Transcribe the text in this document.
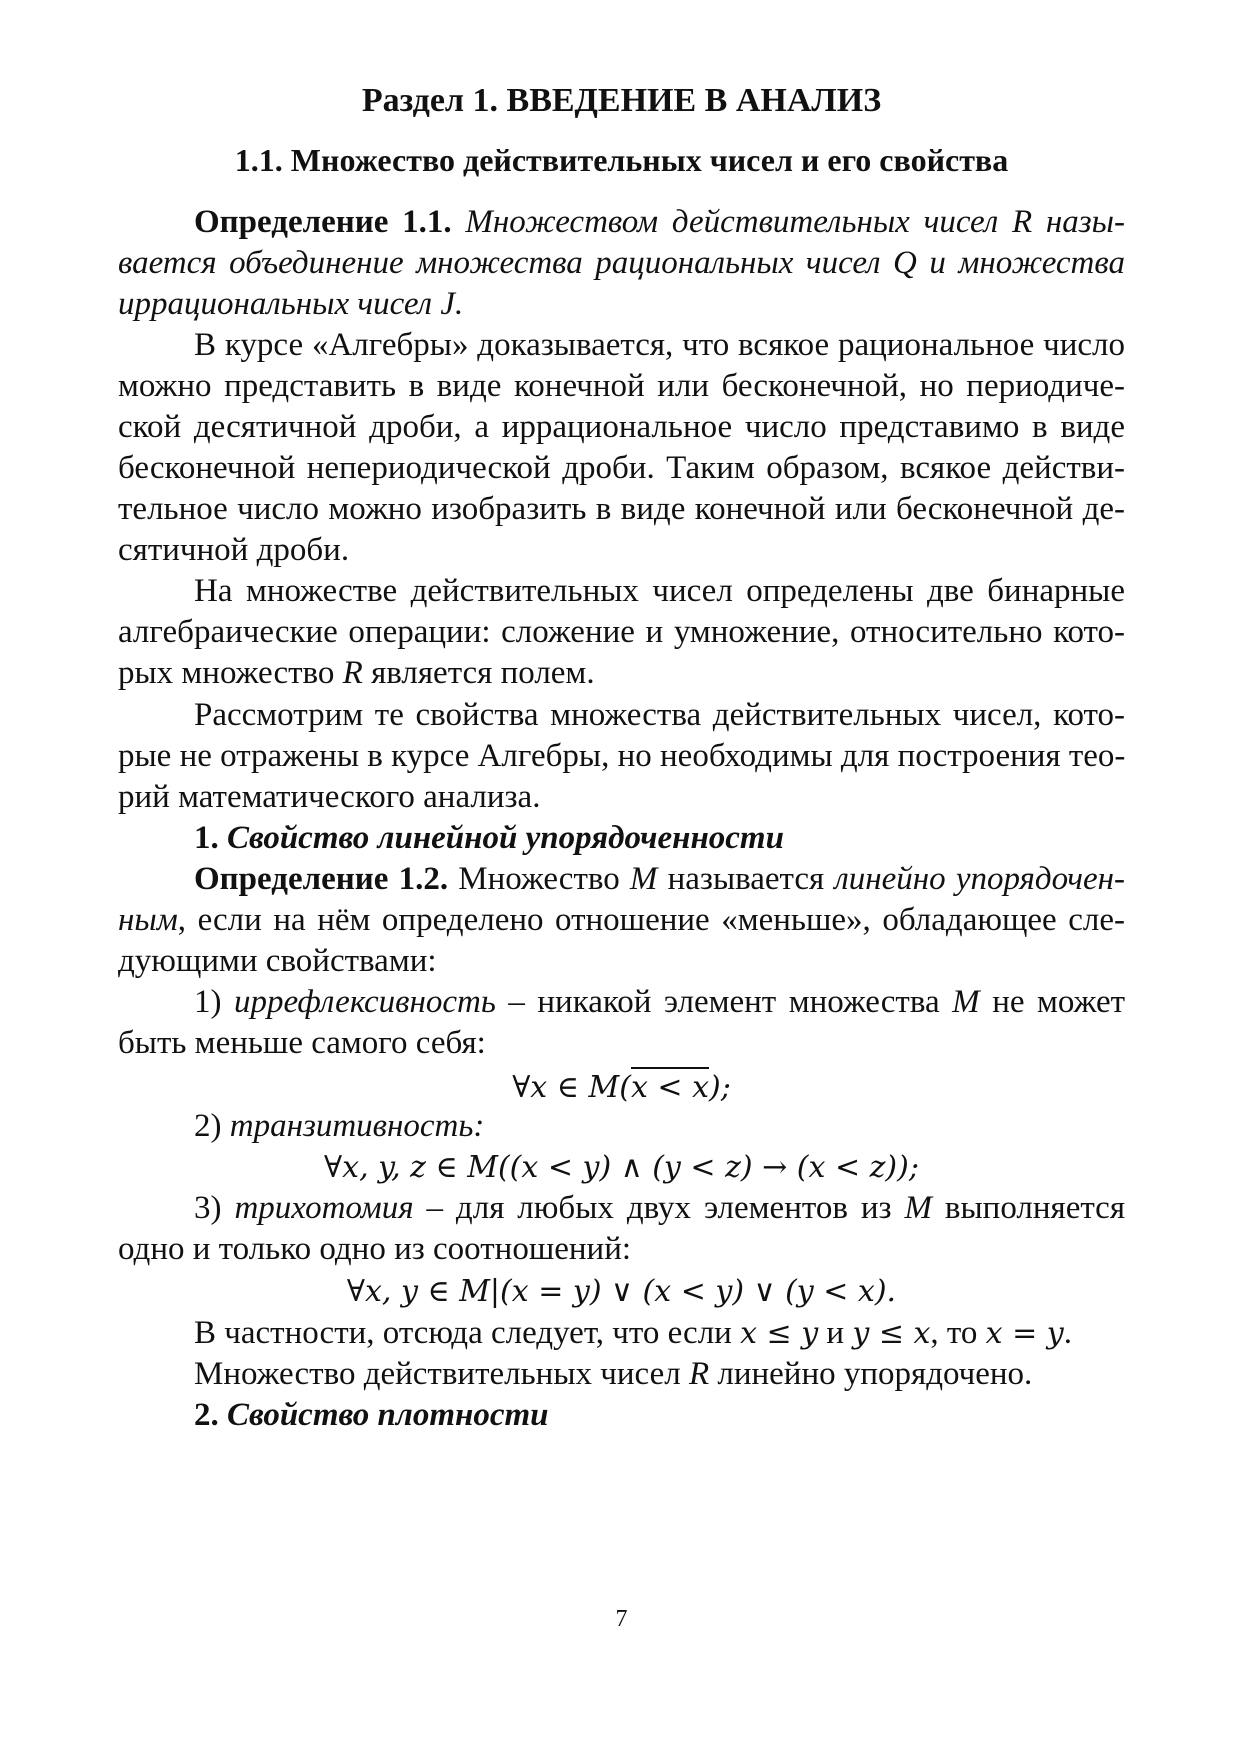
Раздел 1. ВВЕДЕНИЕ В АНАЛИЗ
1.1. Множество действительных чисел и его свойства
Определение 1.1. Множеством действительных чисел R назы-
вается объединение множества рациональных чисел Q и множества
иррациональных чисел J.
В курсе «Алгебры» доказывается, что всякое рациональное число
можно представить в виде конечной или бесконечной, но периодиче-
ской десятичной дроби, а иррациональное число представимо в виде
бесконечной непериодической дроби. Таким образом, всякое действи-
тельное число можно изобразить в виде конечной или бесконечной де-
сятичной дроби.
На множестве действительных чисел определены две бинарные
алгебраические операции: сложение и умножение, относительно кото-
рых множество R является полем.
Рассмотрим те свойства множества действительных чисел, кото-
рые не отражены в курсе Алгебры, но необходимы для построения тео-
рий математического анализа.
1. Свойство линейной упорядоченности
Определение 1.2. Множество M называется линейно упорядочен-
ным, если на нём определено отношение «меньше», обладающее сле-
дующими свойствами:
1) иррефлексивность – никакой элемент множества M не может
быть меньше самого себя:
∀x ∈ M(x < x);
2) транзитивность:
∀x, y, z ∈ M((x < y) ∧ (y < z) → (x < z));
3) трихотомия – для любых двух элементов из M выполняется
одно и только одно из соотношений:
∀x, y ∈ M|(x = y) ∨ (x < y) ∨ (y < x).
В частности, отсюда следует, что если x ≤ y и y ≤ x, то x = y.
Множество действительных чисел R линейно упорядочено.
2. Свойство плотности
7
